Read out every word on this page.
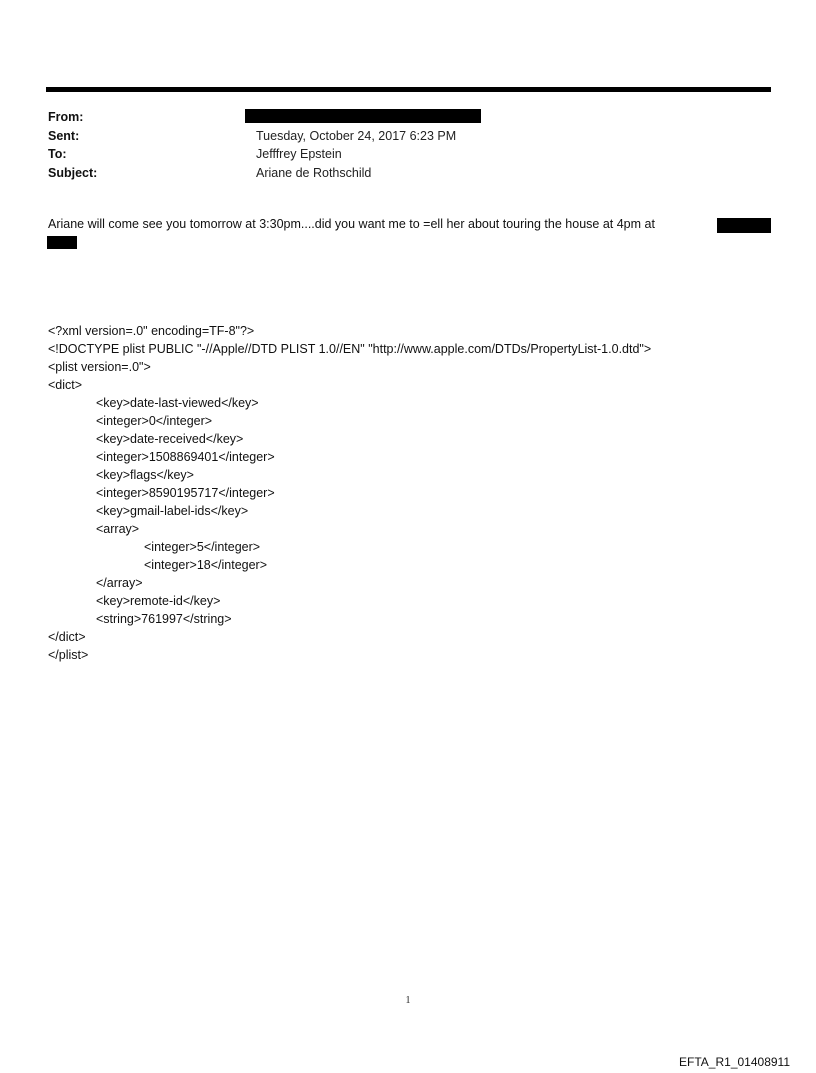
From:
Sent:	Tuesday, October 24, 2017 6:23 PM
To:	Jefffrey Epstein
Subject:	Ariane de Rothschild
Ariane will come see you tomorrow at 3:30pm....did you want me to =ell her about touring the house at 4pm at
<?xml version=.0" encoding=TF-8"?>
<!DOCTYPE plist PUBLIC "-//Apple//DTD PLIST 1.0//EN" "http://www.apple.com/DTDs/PropertyList-1.0.dtd">
<plist version=.0">
<dict>
<key>date-last-viewed</key>
<integer>0</integer>
<key>date-received</key>
<integer>1508869401</integer>
<key>flags</key>
<integer>8590195717</integer>
<key>gmail-label-ids</key>
<array>
<integer>5</integer>
<integer>18</integer>
</array>
<key>remote-id</key>
<string>761997</string>
</dict>
</plist>
1
EFTA_R1_01408911
